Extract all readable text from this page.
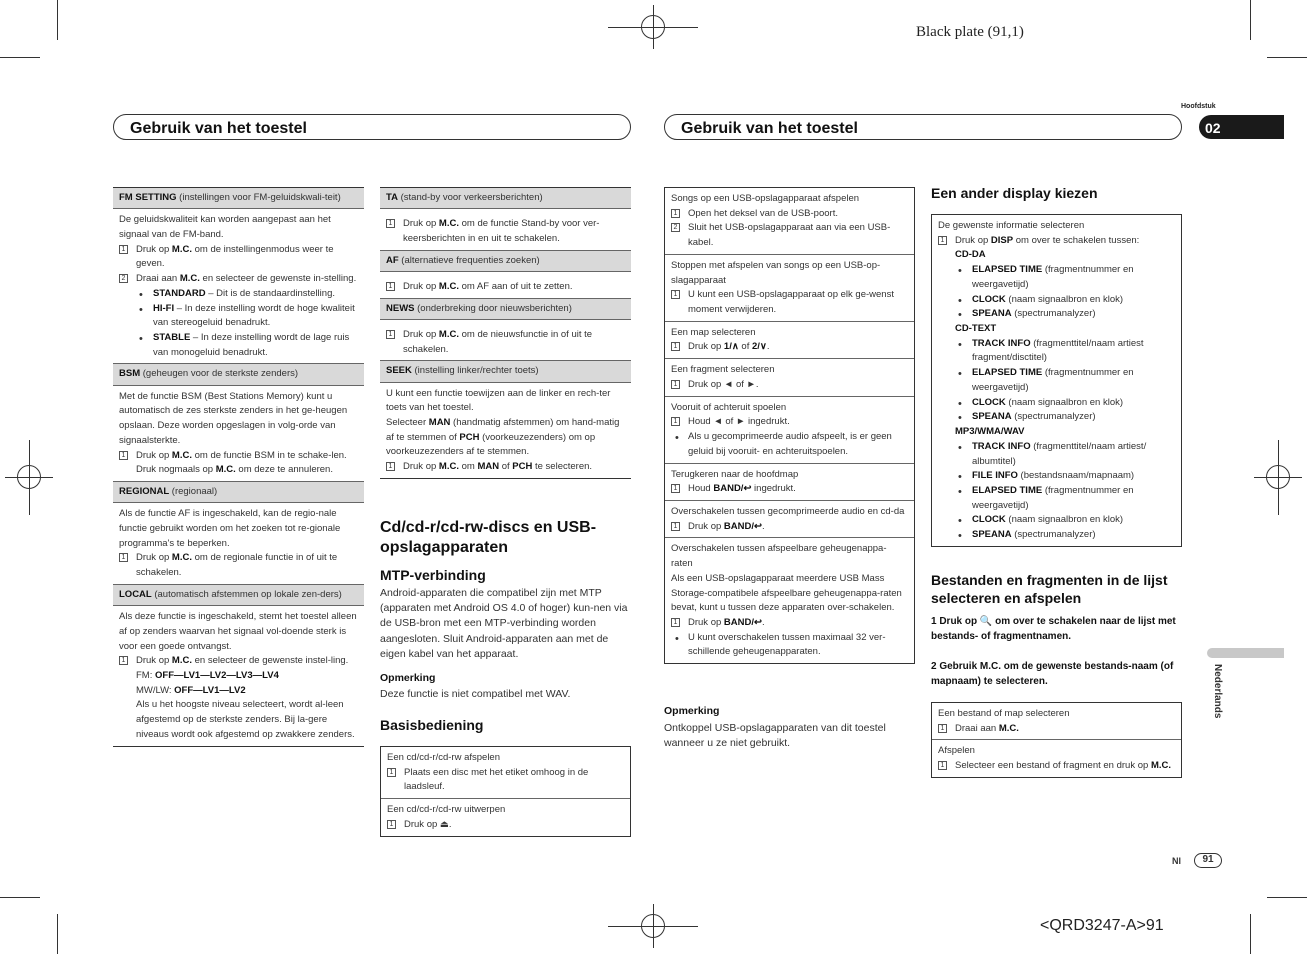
Black plate (91,1)
<QRD3247-A>91
Gebruik van het toestel	Gebruik van het toestel
Hoofdstuk
02
Nederlands
Nl	91
FM SETTING (instellingen voor FM-geluidskwali-teit)
De geluidskwaliteit kan worden aangepast aan het signaal van de FM-band.
1 Druk op M.C. om de instellingenmodus weer te geven.
2 Draai aan M.C. en selecteer de gewenste in-stelling.
• STANDARD – Dit is de standaardinstelling.
• HI-FI – In deze instelling wordt de hoge kwaliteit van stereogeluid benadrukt.
• STABLE – In deze instelling wordt de lage ruis van monogeluid benadrukt.
BSM (geheugen voor de sterkste zenders)
Met de functie BSM (Best Stations Memory) kunt u automatisch de zes sterkste zenders in het ge-heugen opslaan. Deze worden opgeslagen in volg-orde van signaalsterkte.
1 Druk op M.C. om de functie BSM in te schake-len.
Druk nogmaals op M.C. om deze te annuleren.
REGIONAL (regionaal)
Als de functie AF is ingeschakeld, kan de regio-nale functie gebruikt worden om het zoeken tot re-gionale programma's te beperken.
1 Druk op M.C. om de regionale functie in of uit te schakelen.
LOCAL (automatisch afstemmen op lokale zen-ders)
Als deze functie is ingeschakeld, stemt het toestel alleen af op zenders waarvan het signaal vol-doende sterk is voor een goede ontvangst.
1 Druk op M.C. en selecteer de gewenste instel-ling.
FM: OFF—LV1—LV2—LV3—LV4
MW/LW: OFF—LV1—LV2
Als u het hoogste niveau selecteert, wordt al-leen afgestemd op de sterkste zenders. Bij la-gere niveaus wordt ook afgestemd op zwakkere zenders.
TA (stand-by voor verkeersberichten)
1 Druk op M.C. om de functie Stand-by voor ver-keersberichten in en uit te schakelen.
AF (alternatieve frequenties zoeken)
1 Druk op M.C. om AF aan of uit te zetten.
NEWS (onderbreking door nieuwsberichten)
1 Druk op M.C. om de nieuwsfunctie in of uit te schakelen.
SEEK (instelling linker/rechter toets)
U kunt een functie toewijzen aan de linker en rech-ter toets van het toestel.
Selecteer MAN (handmatig afstemmen) om hand-matig af te stemmen of PCH (voorkeuzezenders) om op voorkeuzezenders af te stemmen.
1 Druk op M.C. om MAN of PCH te selecteren.
Cd/cd-r/cd-rw-discs en USB-opslagapparaten
MTP-verbinding
Android-apparaten die compatibel zijn met MTP (apparaten met Android OS 4.0 of hoger) kun-nen via de USB-bron met een MTP-verbinding worden aangesloten. Sluit Android-apparaten aan met de eigen kabel van het apparaat.
Opmerking
Deze functie is niet compatibel met WAV.
Basisbediening
Een cd/cd-r/cd-rw afspelen
1 Plaats een disc met het etiket omhoog in de laadsleuf.
Een cd/cd-r/cd-rw uitwerpen
1 Druk op ⏏.
Songs op een USB-opslagapparaat afspelen
1 Open het deksel van de USB-poort.
2 Sluit het USB-opslagapparaat aan via een USB-kabel.
Stoppen met afspelen van songs op een USB-op-slagapparaat
1 U kunt een USB-opslagapparaat op elk ge-wenst moment verwijderen.
Een map selecteren
1 Druk op 1/∧ of 2/∨.
Een fragment selecteren
1 Druk op ◄ of ►.
Vooruit of achteruit spoelen
1 Houd ◄ of ► ingedrukt.
• Als u gecomprimeerde audio afspeelt, is er geen geluid bij vooruit- en achteruitspoelen.
Terugkeren naar de hoofdmap
1 Houd BAND/↩ ingedrukt.
Overschakelen tussen gecomprimeerde audio en cd-da
1 Druk op BAND/↩.
Overschakelen tussen afspeelbare geheugenappa-raten
Als een USB-opslagapparaat meerdere USB Mass Storage-compatibele afspeelbare geheugenappa-raten bevat, kunt u tussen deze apparaten over-schakelen.
1 Druk op BAND/↩.
• U kunt overschakelen tussen maximaal 32 ver-schillende geheugenapparaten.
Opmerking
Ontkoppel USB-opslagapparaten van dit toestel wanneer u ze niet gebruikt.
Een ander display kiezen
De gewenste informatie selecteren
1 Druk op DISP om over te schakelen tussen:
CD-DA
• ELAPSED TIME (fragmentnummer en weergavetijd)
• CLOCK (naam signaalbron en klok)
• SPEANA (spectrumanalyzer)
CD-TEXT
• TRACK INFO (fragmenttitel/naam artiest fragment/disctitel)
• ELAPSED TIME (fragmentnummer en weergavetijd)
• CLOCK (naam signaalbron en klok)
• SPEANA (spectrumanalyzer)
MP3/WMA/WAV
• TRACK INFO (fragmenttitel/naam artiest/ albumtitel)
• FILE INFO (bestandsnaam/mapnaam)
• ELAPSED TIME (fragmentnummer en weergavetijd)
• CLOCK (naam signaalbron en klok)
• SPEANA (spectrumanalyzer)
Bestanden en fragmenten in de lijst selecteren en afspelen
1 Druk op 🔍 om over te schakelen naar de lijst met bestands- of fragmentnamen.
2 Gebruik M.C. om de gewenste bestands-naam (of mapnaam) te selecteren.
Een bestand of map selecteren
1 Draai aan M.C.
Afspelen
1 Selecteer een bestand of fragment en druk op M.C.
